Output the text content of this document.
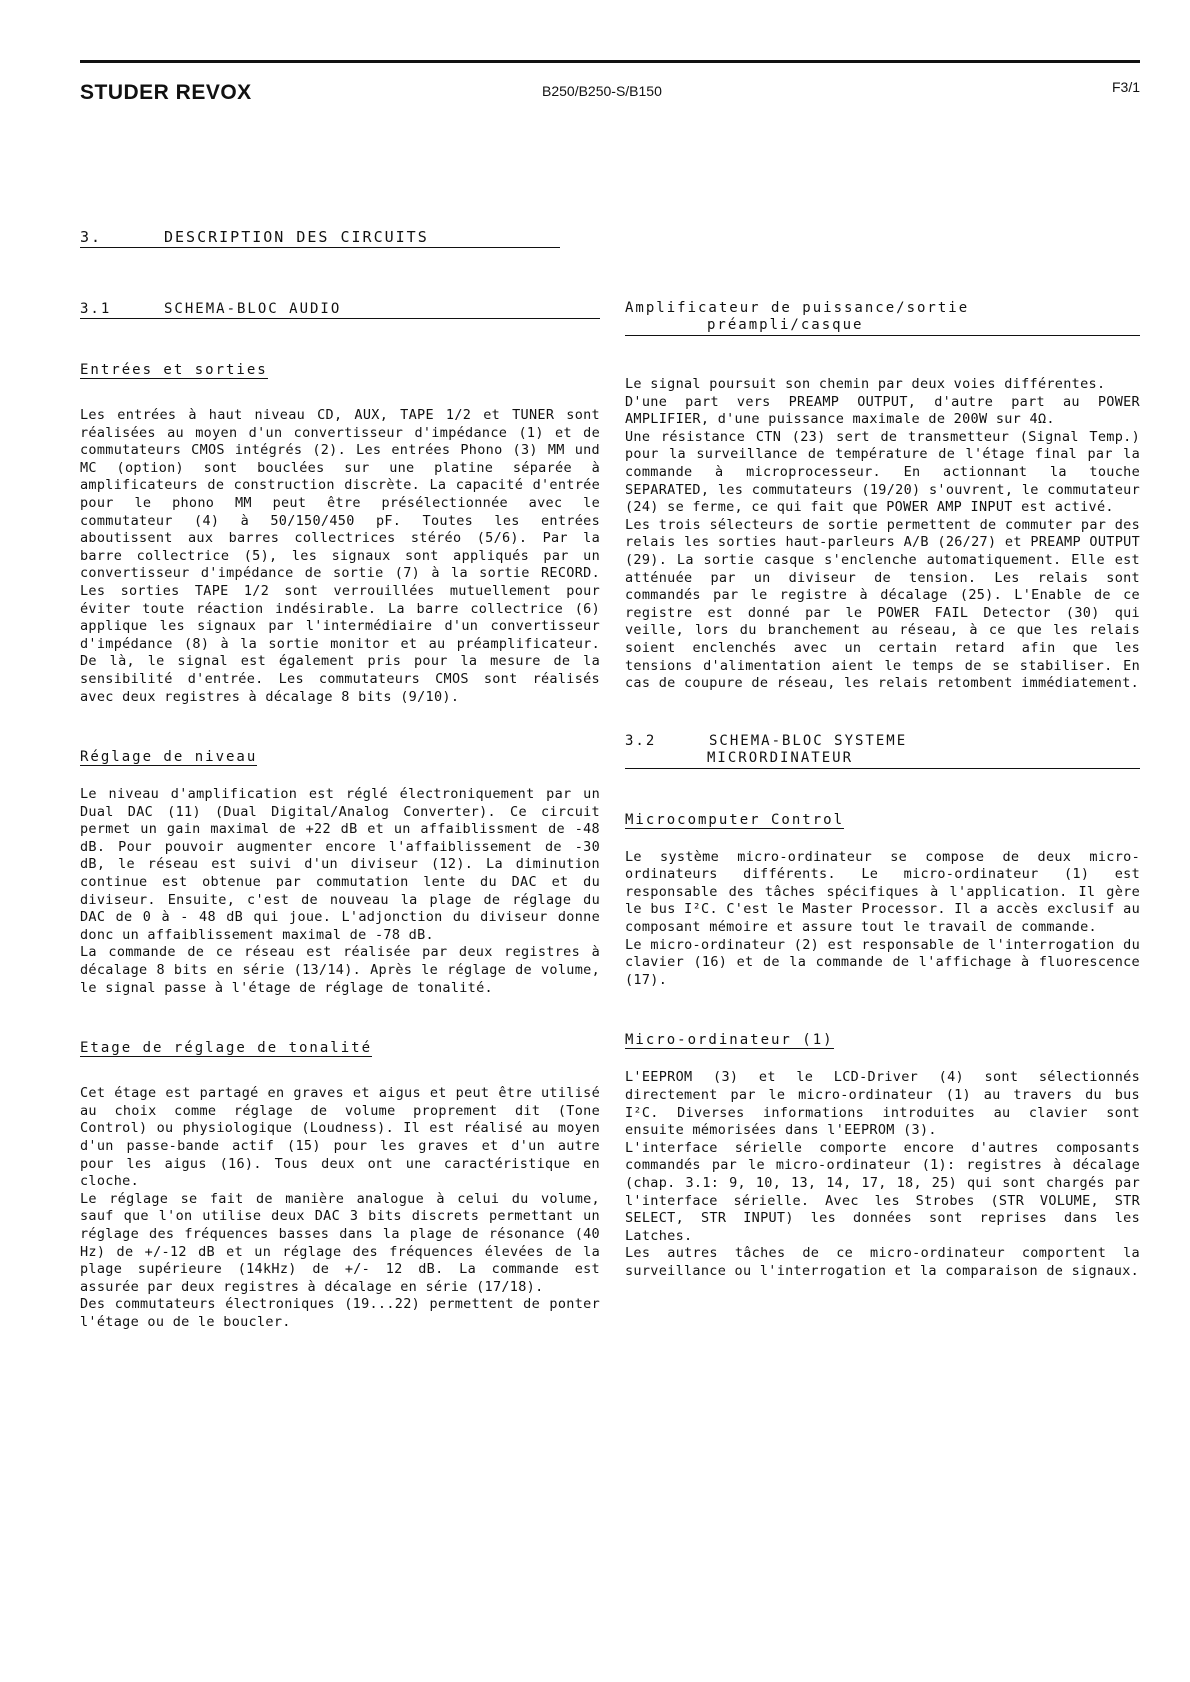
STUDER REVOX	B250/B250-S/B150	F3/1
3.	DESCRIPTION DES CIRCUITS
3.1	SCHEMA-BLOC AUDIO
Entrées et sorties

Les entrées à haut niveau CD, AUX, TAPE 1/2 et TUNER sont réalisées au moyen d'un convertisseur d'impédance (1) et de commutateurs CMOS intégrés (2). Les entrées Phono (3) MM und MC (option) sont bouclées sur une platine séparée à amplificateurs de construction discrète. La capacité d'entrée pour le phono MM peut être présélectionnée avec le commutateur (4) à 50/150/450 pF. Toutes les entrées aboutissent aux barres collectrices stéréo (5/6). Par la barre collectrice (5), les signaux sont appliqués par un convertisseur d'impédance de sortie (7) à la sortie RECORD. Les sorties TAPE 1/2 sont verrouillées mutuellement pour éviter toute réaction indésirable. La barre collectrice (6) applique les signaux par l'intermédiaire d'un convertisseur d'impédance (8) à la sortie monitor et au préamplificateur. De là, le signal est également pris pour la mesure de la sensibilité d'entrée. Les commutateurs CMOS sont réalisés avec deux registres à décalage 8 bits (9/10).

Réglage de niveau

Le niveau d'amplification est réglé électroniquement par un Dual DAC (11) (Dual Digital/Analog Converter). Ce circuit permet un gain maximal de +22 dB et un affaiblissment de -48 dB. Pour pouvoir augmenter encore l'affaiblissement de -30 dB, le réseau est suivi d'un diviseur (12). La diminution continue est obtenue par commutation lente du DAC et du diviseur. Ensuite, c'est de nouveau la plage de réglage du DAC de 0 à - 48 dB qui joue. L'adjonction du diviseur donne donc un affaiblissement maximal de -78 dB.

La commande de ce réseau est réalisée par deux registres à décalage 8 bits en série (13/14). Après le réglage de volume, le signal passe à l'étage de réglage de tonalité.

Etage de réglage de tonalité

Cet étage est partagé en graves et aigus et peut être utilisé au choix comme réglage de volume proprement dit (Tone Control) ou physiologique (Loudness). Il est réalisé au moyen d'un passe-bande actif (15) pour les graves et d'un autre pour les aigus (16). Tous deux ont une caractéristique en cloche.

Le réglage se fait de manière analogue à celui du volume, sauf que l'on utilise deux DAC 3 bits discrets permettant un réglage des fréquences basses dans la plage de résonance (40 Hz) de +/-12 dB et un réglage des fréquences élevées de la plage supérieure (14kHz) de +/- 12 dB. La commande est assurée par deux registres à décalage en série (17/18).

Des commutateurs électroniques (19...22) permettent de ponter l'étage ou de le boucler.

Amplificateur de puissance/sortie

préampli/casque

Le signal poursuit son chemin par deux voies différentes.

D'une part vers PREAMP OUTPUT, d'autre part au POWER AMPLIFIER, d'une puissance maximale de 200W sur 4Ω.

Une résistance CTN (23) sert de transmetteur (Signal Temp.) pour la surveillance de température de l'étage final par la commande à microprocesseur. En actionnant la touche SEPARATED, les commutateurs (19/20) s'ouvrent, le commutateur (24) se ferme, ce qui fait que POWER AMP INPUT est activé.

Les trois sélecteurs de sortie permettent de commuter par des relais les sorties haut-parleurs A/B (26/27) et PREAMP OUTPUT (29). La sortie casque s'enclenche automatiquement. Elle est atténuée par un diviseur de tension. Les relais sont commandés par le registre à décalage (25). L'Enable de ce registre est donné par le POWER FAIL Detector (30) qui veille, lors du branchement au réseau, à ce que les relais soient enclenchés avec un certain retard afin que les tensions d'alimentation aient le temps de se stabiliser. En cas de coupure de réseau, les relais retombent immédiatement.

3.2	SCHEMA-BLOC SYSTEME

MICRORDINATEUR
Microcomputer Control

Le système micro-ordinateur se compose de deux micro-ordinateurs différents. Le micro-ordinateur (1) est responsable des tâches spécifiques à l'application. Il gère le bus I²C. C'est le Master Processor. Il a accès exclusif au composant mémoire et assure tout le travail de commande.

Le micro-ordinateur (2) est responsable de l'interrogation du clavier (16) et de la commande de l'affichage à fluorescence (17).

Micro-ordinateur (1)

L'EEPROM (3) et le LCD-Driver (4) sont sélectionnés directement par le micro-ordinateur (1) au travers du bus I²C. Diverses informations introduites au clavier sont ensuite mémorisées dans l'EEPROM (3).

L'interface sérielle comporte encore d'autres composants commandés par le micro-ordinateur (1): registres à décalage (chap. 3.1: 9, 10, 13, 14, 17, 18, 25) qui sont chargés par l'interface sérielle. Avec les Strobes (STR VOLUME, STR SELECT, STR INPUT) les données sont reprises dans les Latches.

Les autres tâches de ce micro-ordinateur comportent la surveillance ou l'interrogation et la comparaison de signaux.
